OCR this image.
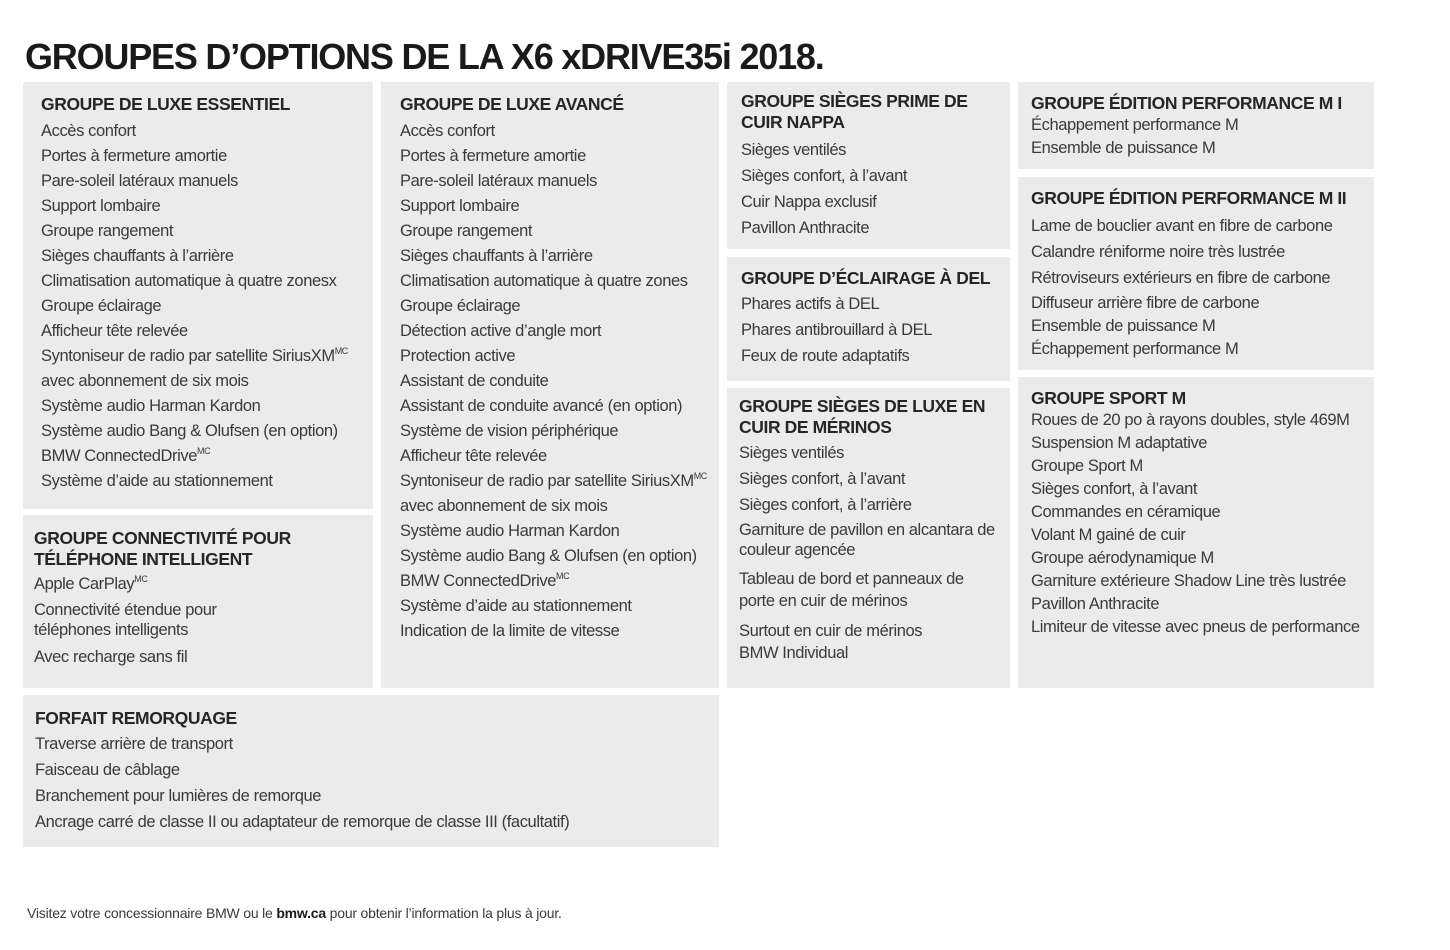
GROUPES D’OPTIONS DE LA X6 xDRIVE35i 2018.
GROUPE DE LUXE ESSENTIEL
Accès confort
Portes à fermeture amortie
Pare-soleil latéraux manuels
Support lombaire
Groupe rangement
Sièges chauffants à l’arrière
Climatisation automatique à quatre zonesx
Groupe éclairage
Afficheur tête relevée
Syntoniseur de radio par satellite SiriusXM$^{MC}$
avec abonnement de six mois
Système audio Harman Kardon
Système audio Bang & Olufsen (en option)
BMW ConnectedDrive$^{MC}$
Système d’aide au stationnement
GROUPE CONNECTIVITÉ POUR TÉLÉPHONE INTELLIGENT
Apple CarPlay$^{MC}$
Connectivité étendue pour téléphones intelligents
Avec recharge sans fil
FORFAIT REMORQUAGE
Traverse arrière de transport
Faisceau de câblage
Branchement pour lumières de remorque
Ancrage carré de classe II ou adaptateur de remorque de classe III (facultatif)
GROUPE DE LUXE AVANCÉ
Accès confort
Portes à fermeture amortie
Pare-soleil latéraux manuels
Support lombaire
Groupe rangement
Sièges chauffants à l’arrière
Climatisation automatique à quatre zones
Groupe éclairage
Détection active d’angle mort
Protection active
Assistant de conduite
Assistant de conduite avancé (en option)
Système de vision périphérique
Afficheur tête relevée
Syntoniseur de radio par satellite SiriusXM$^{MC}$
avec abonnement de six mois
Système audio Harman Kardon
Système audio Bang & Olufsen (en option)
BMW ConnectedDrive$^{MC}$
Système d’aide au stationnement
Indication de la limite de vitesse
GROUPE SIÈGES PRIME DE CUIR NAPPA
Sièges ventilés
Sièges confort, à l’avant
Cuir Nappa exclusif
Pavillon Anthracite
GROUPE D’ÉCLAIRAGE À DEL
Phares actifs à DEL
Phares antibrouillard à DEL
Feux de route adaptatifs
GROUPE SIÈGES DE LUXE EN CUIR DE MÉRINOS
Sièges ventilés
Sièges confort, à l’avant
Sièges confort, à l’arrière
Garniture de pavillon en alcantara de couleur agencée
Tableau de bord et panneaux de porte en cuir de mérinos
Surtout en cuir de mérinos BMW Individual
GROUPE ÉDITION PERFORMANCE M I
Échappement performance M
Ensemble de puissance M
GROUPE ÉDITION PERFORMANCE M II
Lame de bouclier avant en fibre de carbone
Calandre réniforme noire très lustrée
Rétroviseurs extérieurs en fibre de carbone
Diffuseur arrière fibre de carbone
Ensemble de puissance M
Échappement performance M
GROUPE SPORT M
Roues de 20 po à rayons doubles, style 469M
Suspension M adaptative
Groupe Sport M
Sièges confort, à l’avant
Commandes en céramique
Volant M gainé de cuir
Groupe aérodynamique M
Garniture extérieure Shadow Line très lustrée
Pavillon Anthracite
Limiteur de vitesse avec pneus de performance
Visitez votre concessionnaire BMW ou le bmw.ca pour obtenir l’information la plus à jour.
